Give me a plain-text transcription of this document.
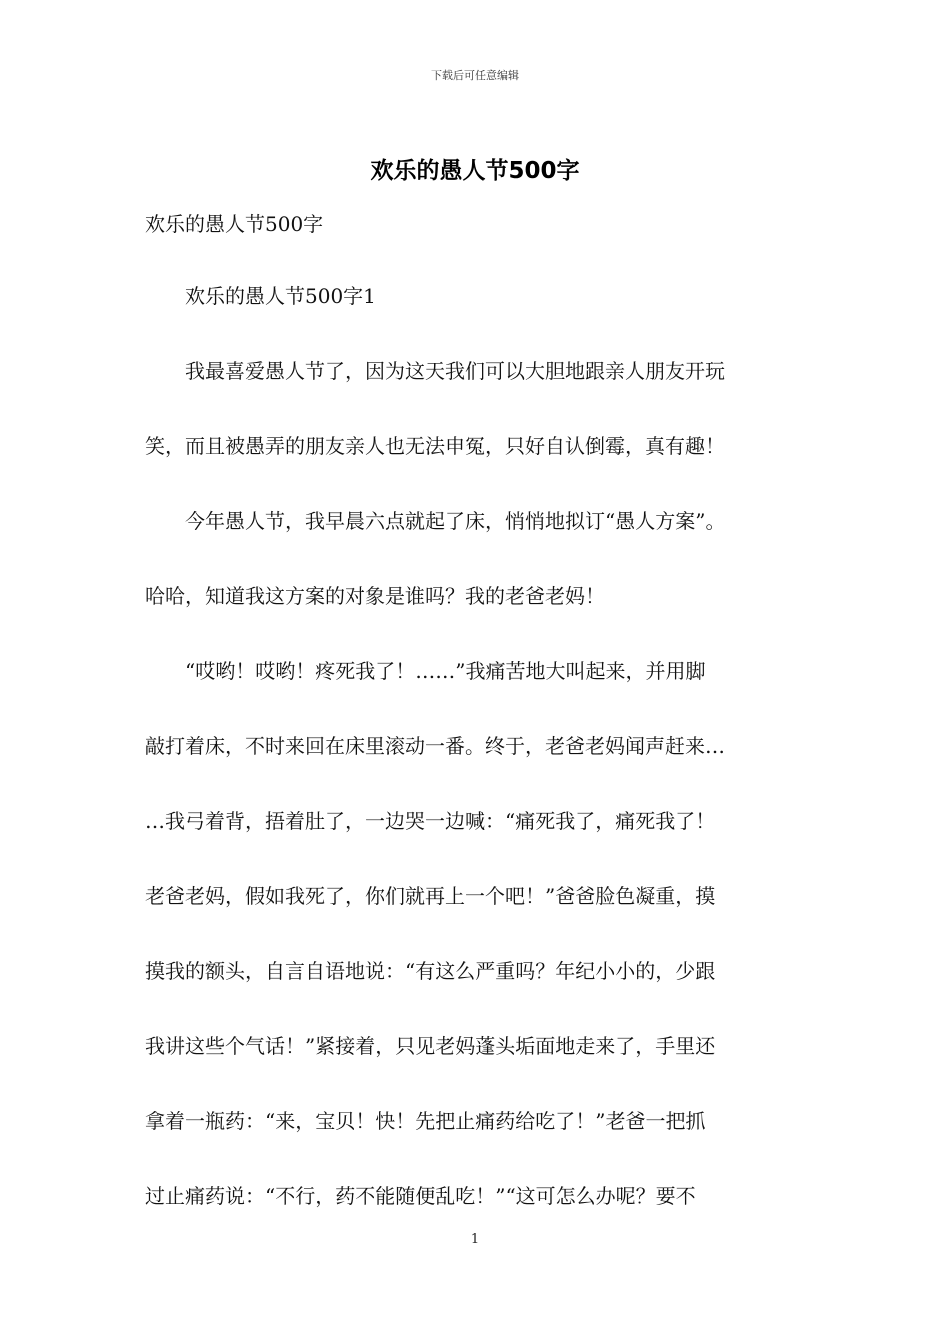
下载后可任意编辑
欢乐的愚人节500字
欢乐的愚人节500字
　　欢乐的愚人节500字1
　　我最喜爱愚人节了，因为这天我们可以大胆地跟亲人朋友开玩
笑，而且被愚弄的朋友亲人也无法申冤，只好自认倒霉，真有趣！
　　今年愚人节，我早晨六点就起了床，悄悄地拟订“愚人方案”。
哈哈，知道我这方案的对象是谁吗？我的老爸老妈！
　　“哎哟！哎哟！疼死我了！……”我痛苦地大叫起来，并用脚
敲打着床，不时来回在床里滚动一番。终于，老爸老妈闻声赶来…
…我弓着背，捂着肚了，一边哭一边喊：“痛死我了，痛死我了！
老爸老妈，假如我死了，你们就再上一个吧！”爸爸脸色凝重，摸
摸我的额头，自言自语地说：“有这么严重吗？年纪小小的，少跟
我讲这些个气话！”紧接着，只见老妈蓬头垢面地走来了，手里还
拿着一瓶药：“来，宝贝！快！先把止痛药给吃了！”老爸一把抓
过止痛药说：“不行，药不能随便乱吃！”“这可怎么办呢？要不
1
